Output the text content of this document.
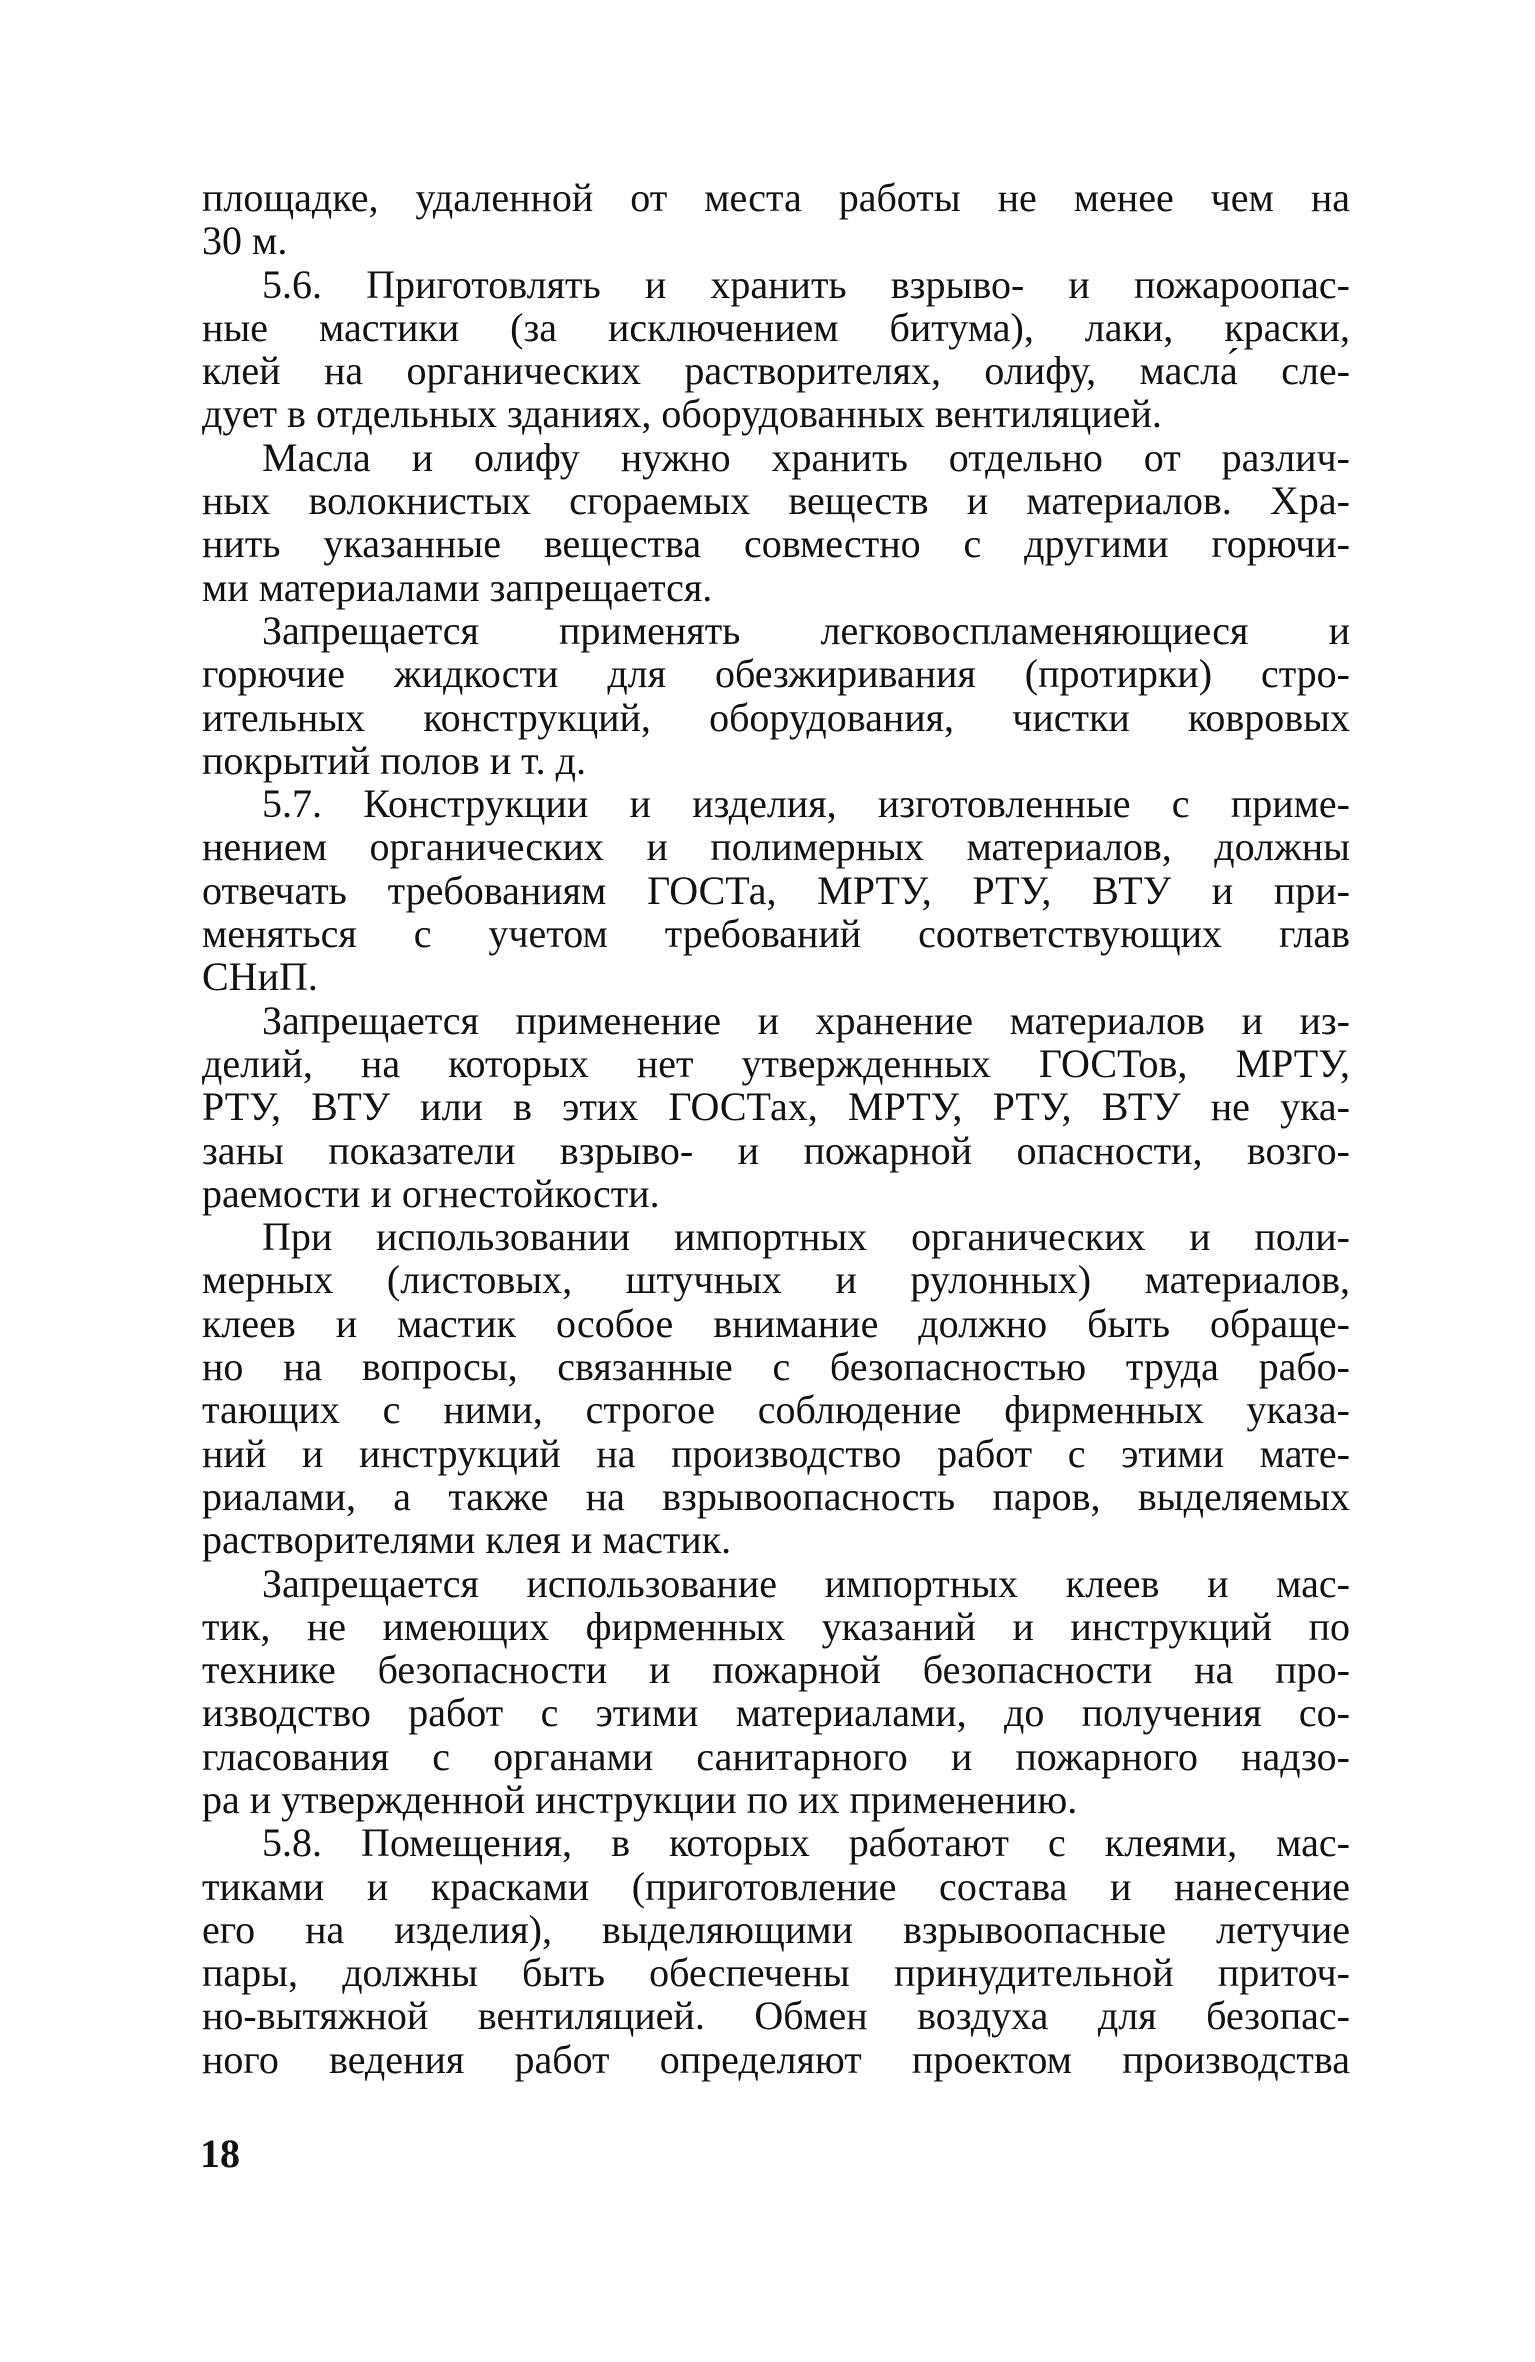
площадке, удаленной от места работы не менее чем на
30 м.
5.6. Приготовлять и хранить взрыво- и пожароопас-
ные мастики (за исключением битума), лаки, краски,
клей на органических растворителях, олифу, масла́ сле-
дует в отдельных зданиях, оборудованных вентиляцией.
Масла и олифу нужно хранить отдельно от различ-
ных волокнистых сгораемых веществ и материалов. Хра-
нить указанные вещества совместно с другими горючи-
ми материалами запрещается.
Запрещается применять легковоспламеняющиеся и
горючие жидкости для обезжиривания (протирки) стро-
ительных конструкций, оборудования, чистки ковровых
покрытий полов и т. д.
5.7. Конструкции и изделия, изготовленные с приме-
нением органических и полимерных материалов, должны
отвечать требованиям ГОСТа, МРТУ, РТУ, ВТУ и при-
меняться с учетом требований соответствующих глав
СНиП.
Запрещается применение и хранение материалов и из-
делий, на которых нет утвержденных ГОСТов, МРТУ,
РТУ, ВТУ или в этих ГОСТах, МРТУ, РТУ, ВТУ не ука-
заны показатели взрыво- и пожарной опасности, возго-
раемости и огнестойкости.
При использовании импортных органических и поли-
мерных (листовых, штучных и рулонных) материалов,
клеев и мастик особое внимание должно быть обраще-
но на вопросы, связанные с безопасностью труда рабо-
тающих с ними, строгое соблюдение фирменных указа-
ний и инструкций на производство работ с этими мате-
риалами, а также на взрывоопасность паров, выделяемых
растворителями клея и мастик.
Запрещается использование импортных клеев и мас-
тик, не имеющих фирменных указаний и инструкций по
технике безопасности и пожарной безопасности на про-
изводство работ с этими материалами, до получения со-
гласования с органами санитарного и пожарного надзо-
ра и утвержденной инструкции по их применению.
5.8. Помещения, в которых работают с клеями, мас-
тиками и красками (приготовление состава и нанесение
его на изделия), выделяющими взрывоопасные летучие
пары, должны быть обеспечены принудительной приточ-
но-вытяжной вентиляцией. Обмен воздуха для безопас-
ного ведения работ определяют проектом производства
18
